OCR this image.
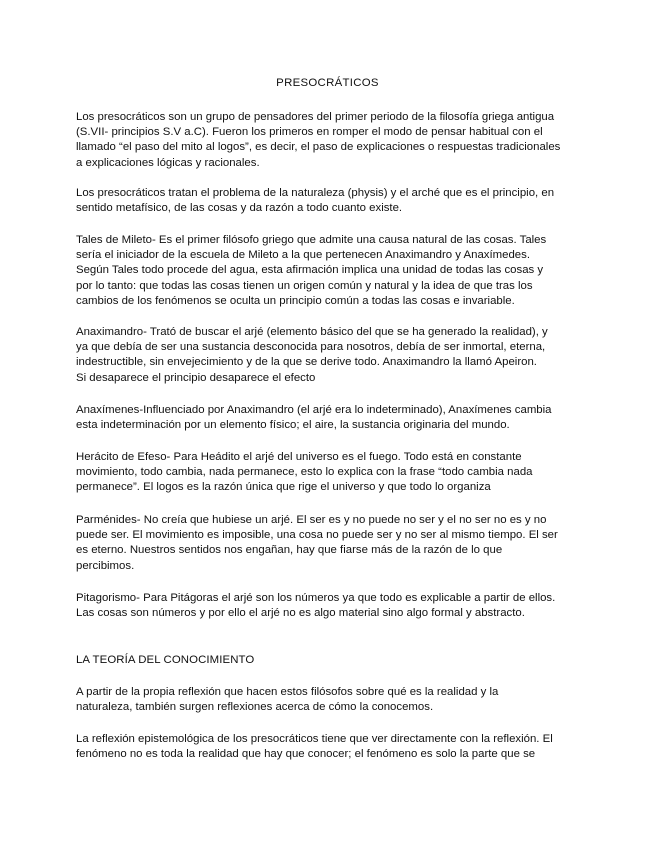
PRESOCRÁTICOS

Los presocráticos son un grupo de pensadores del primer periodo de la filosofía griega antigua
(S.VII- principios S.V a.C). Fueron los primeros en romper el modo de pensar habitual con el
llamado “el paso del mito al logos”, es decir, el paso de explicaciones o respuestas tradicionales
a explicaciones lógicas y racionales.

Los presocráticos tratan el problema de la naturaleza (physis) y el arché que es el principio, en
sentido metafísico, de las cosas y da razón a todo cuanto existe.

Tales de Mileto- Es el primer filósofo griego que admite una causa natural de las cosas. Tales
sería el iniciador de la escuela de Mileto a la que pertenecen Anaximandro y Anaxímedes.
Según Tales todo procede del agua, esta afirmación implica una unidad de todas las cosas y
por lo tanto: que todas las cosas tienen un origen común y natural y la idea de que tras los
cambios de los fenómenos se oculta un principio común a todas las cosas e invariable.

Anaximandro- Trató de buscar el arjé (elemento básico del que se ha generado la realidad), y
ya que debía de ser una sustancia desconocida para nosotros, debía de ser inmortal, eterna,
indestructible, sin envejecimiento y de la que se derive todo. Anaximandro la llamó Apeiron.
Si desaparece el principio desaparece el efecto

Anaxímenes-Influenciado por Anaximandro (el arjé era lo indeterminado), Anaxímenes cambia
esta indeterminación por un elemento físico; el aire, la sustancia originaria del mundo.

Herácito de Efeso- Para Heádito el arjé del universo es el fuego. Todo está en constante
movimiento, todo cambia, nada permanece, esto lo explica con la frase “todo cambia nada
permanece”. El logos es la razón única que rige el universo y que todo lo organiza

Parménides- No creía que hubiese un arjé. El ser es y no puede no ser y el no ser no es y no
puede ser. El movimiento es imposible, una cosa no puede ser y no ser al mismo tiempo. El ser
es eterno. Nuestros sentidos nos engañan, hay que fiarse más de la razón de lo que
percibimos.

Pitagorismo- Para Pitágoras el arjé son los números ya que todo es explicable a partir de ellos.
Las cosas son números y por ello el arjé no es algo material sino algo formal y abstracto.

LA TEORÍA DEL CONOCIMIENTO

A partir de la propia reflexión que hacen estos filósofos sobre qué es la realidad y la
naturaleza, también surgen reflexiones acerca de cómo la conocemos.

La reflexión epistemológica de los presocráticos tiene que ver directamente con la reflexión. El
fenómeno no es toda la realidad que hay que conocer; el fenómeno es solo la parte que se
